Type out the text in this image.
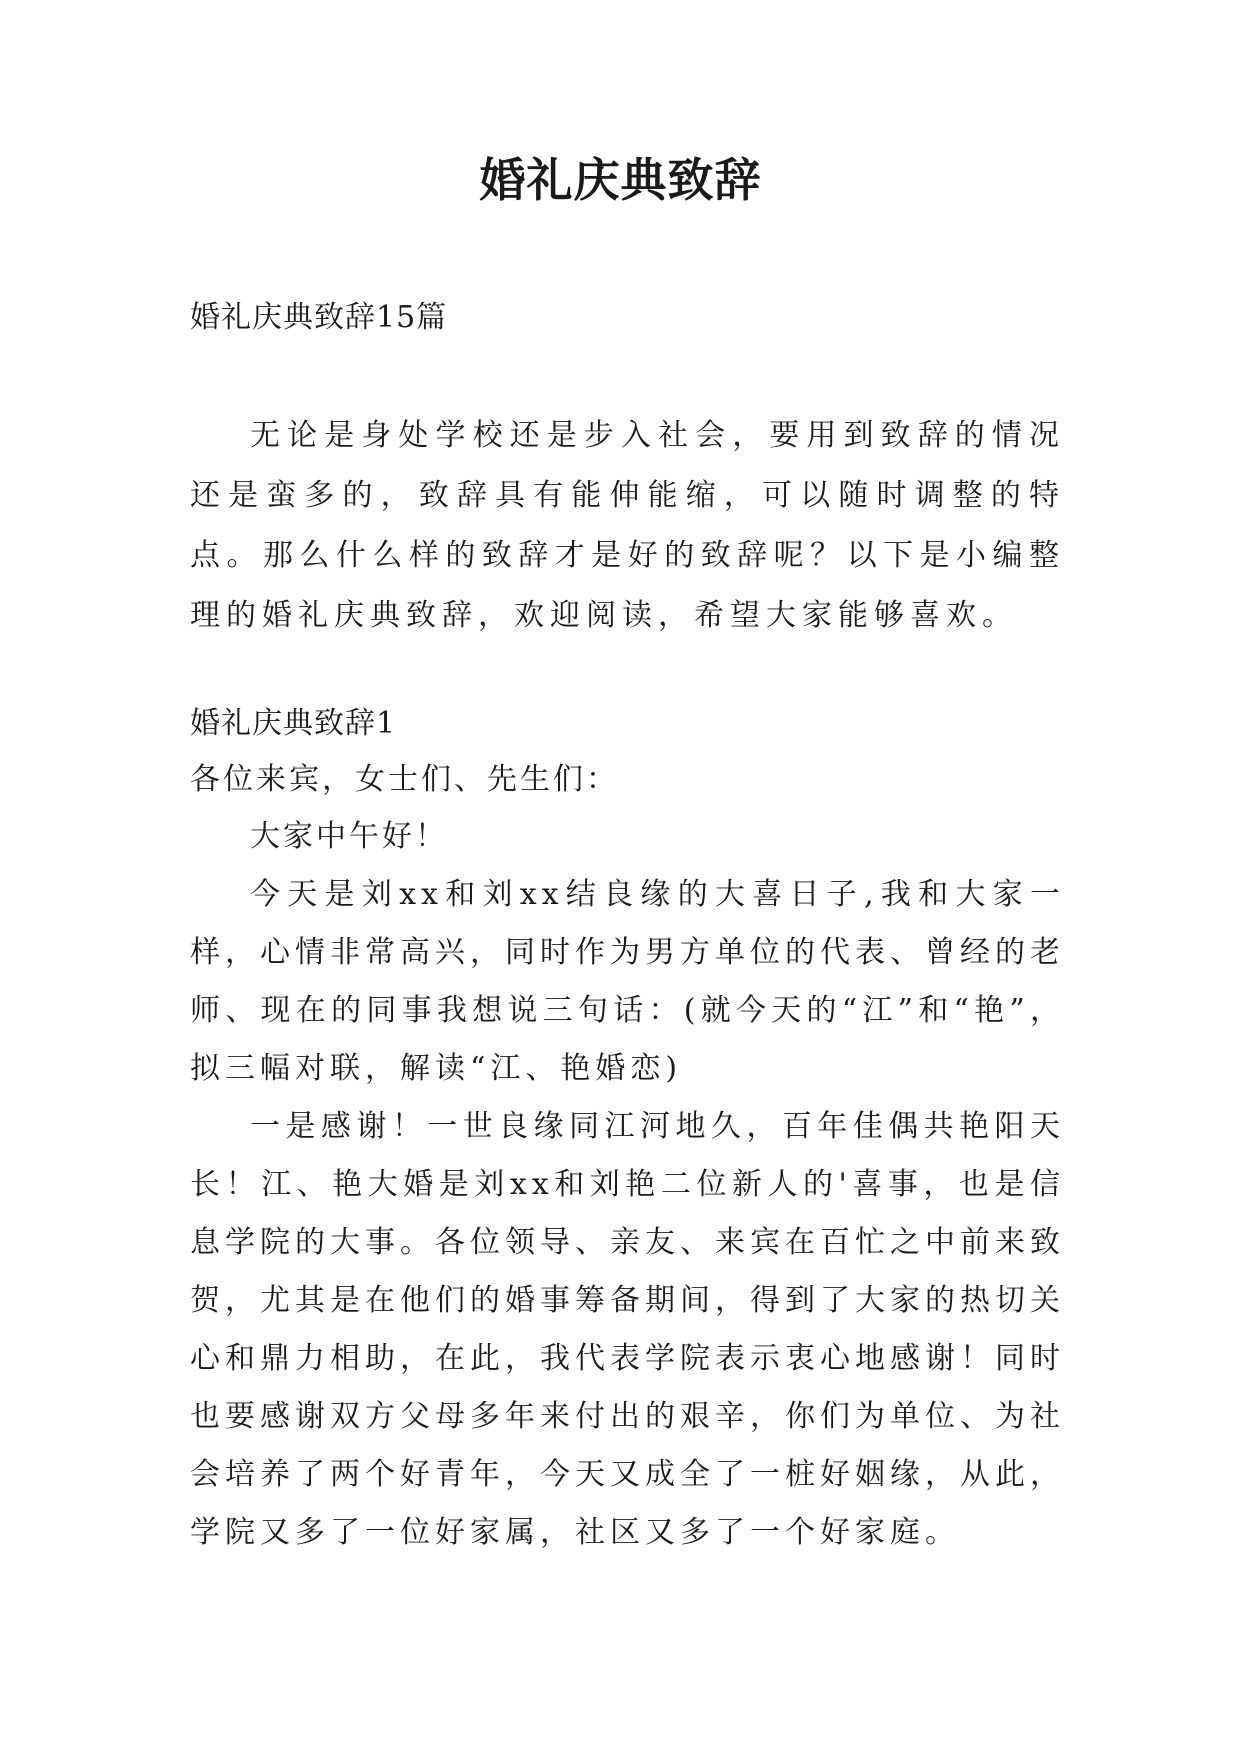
婚礼庆典致辞

婚礼庆典致辞15篇

无论是身处学校还是步入社会，要用到致辞的情况还是蛮多的，致辞具有能伸能缩，可以随时调整的特点。那么什么样的致辞才是好的致辞呢？以下是小编整理的婚礼庆典致辞，欢迎阅读，希望大家能够喜欢。

婚礼庆典致辞1

各位来宾，女士们、先生们：

大家中午好！

今天是刘xx和刘xx结良缘的大喜日子,我和大家一样，心情非常高兴，同时作为男方单位的代表、曾经的老师、现在的同事我想说三句话：(就今天的“江”和“艳”，拟三幅对联，解读“江、艳婚恋)

一是感谢！一世良缘同江河地久，百年佳偶共艳阳天长！江、艳大婚是刘xx和刘艳二位新人的'喜事，也是信息学院的大事。各位领导、亲友、来宾在百忙之中前来致贺，尤其是在他们的婚事筹备期间，得到了大家的热切关心和鼎力相助，在此，我代表学院表示衷心地感谢！同时也要感谢双方父母多年来付出的艰辛，你们为单位、为社会培养了两个好青年，今天又成全了一桩好姻缘，从此，学院又多了一位好家属，社区又多了一个好家庭。
